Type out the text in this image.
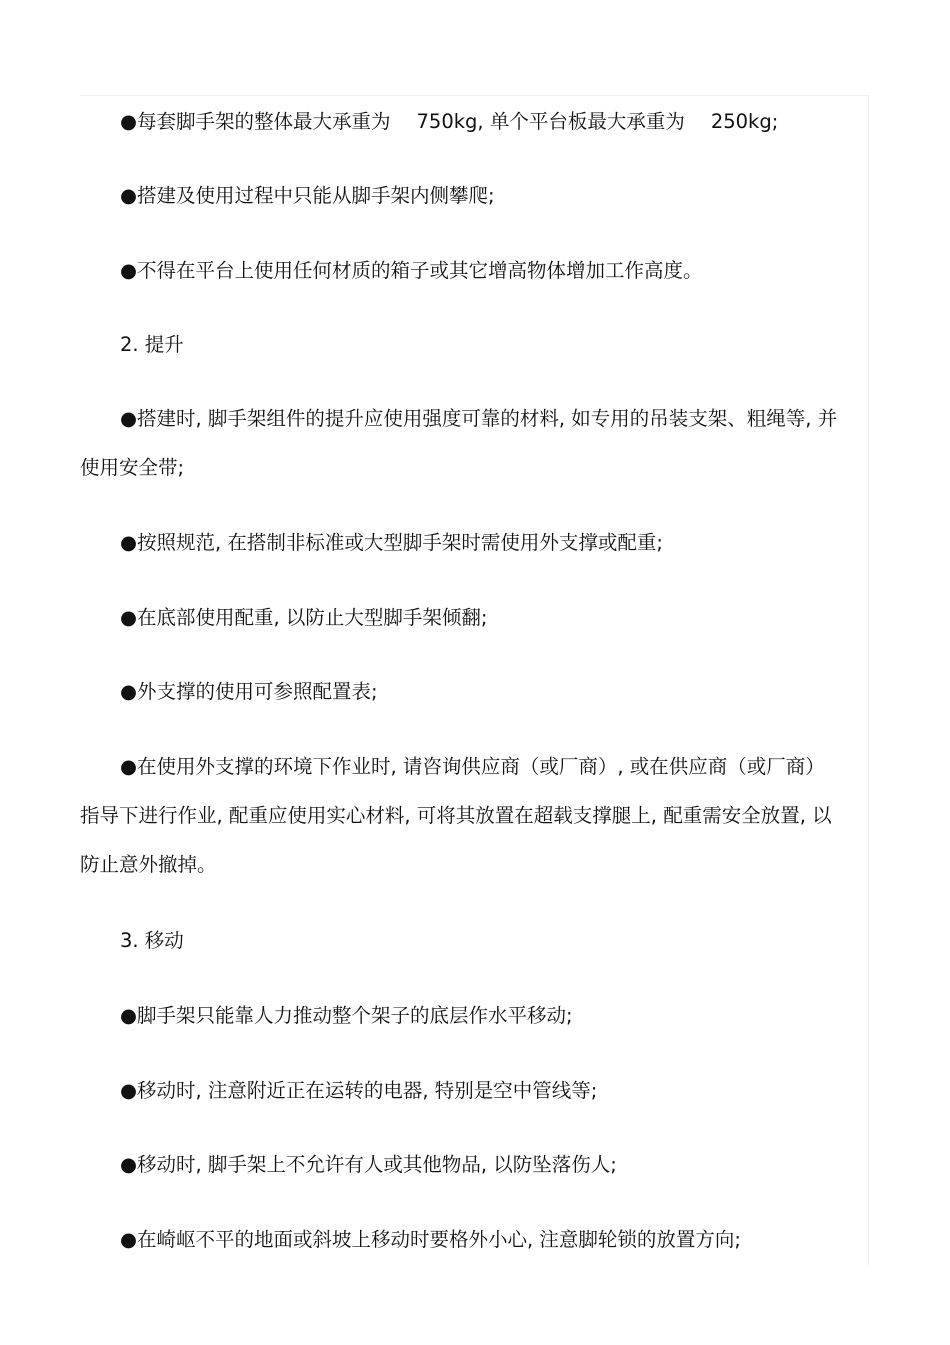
●每套脚手架的整体最大承重为 750kg, 单个平台板最大承重为 250kg;

●搭建及使用过程中只能从脚手架内侧攀爬;

●不得在平台上使用任何材质的箱子或其它增高物体增加工作高度。

2. 提升

●搭建时, 脚手架组件的提升应使用强度可靠的材料, 如专用的吊装支架、粗绳等, 并使用安全带;

●按照规范, 在搭制非标准或大型脚手架时需使用外支撑或配重;

●在底部使用配重, 以防止大型脚手架倾翻;

●外支撑的使用可参照配置表;

●在使用外支撑的环境下作业时, 请咨询供应商（或厂商）, 或在供应商（或厂商）指导下进行作业, 配重应使用实心材料, 可将其放置在超载支撑腿上, 配重需安全放置, 以防止意外撤掉。

3. 移动

●脚手架只能靠人力推动整个架子的底层作水平移动;

●移动时, 注意附近正在运转的电器, 特别是空中管线等;

●移动时, 脚手架上不允许有人或其他物品, 以防坠落伤人;

●在崎岖不平的地面或斜坡上移动时要格外小心, 注意脚轮锁的放置方向;
